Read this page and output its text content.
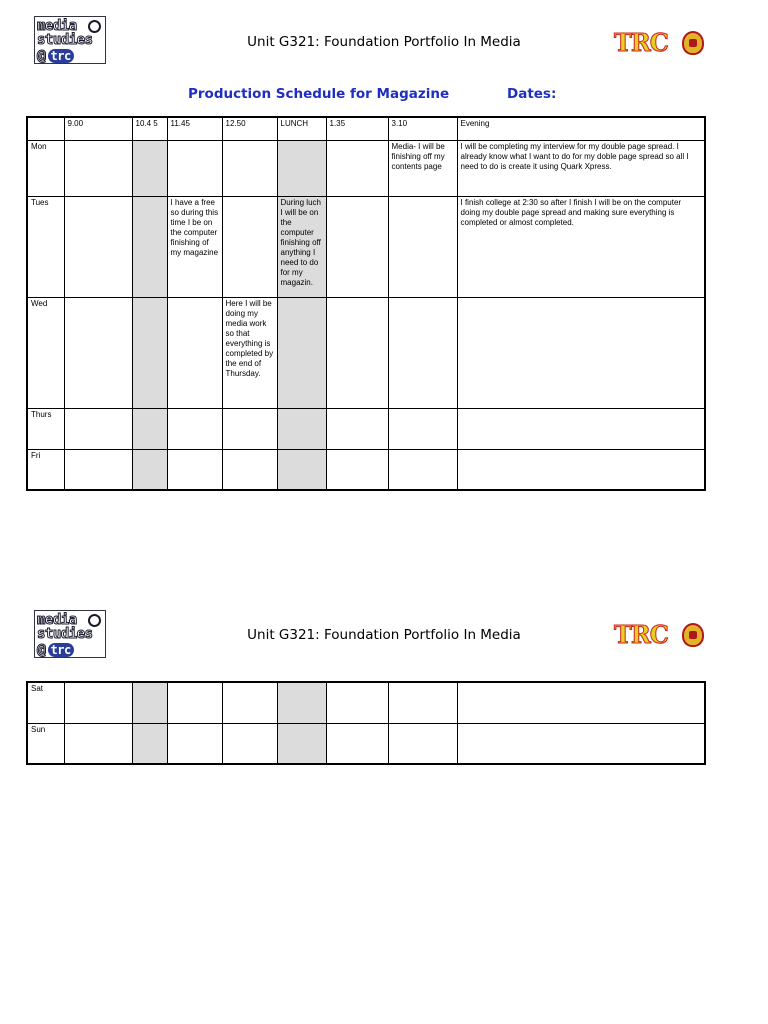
media
studies
@ trc
Unit G321: Foundation Portfolio In Media	TRC
Production Schedule for Magazine	Dates:
	9.00	10.4 5	11.45	12.50	LUNCH	1.35	3.10	Evening
Mon							Media- I will be finishing off my contents page	I will be completing my interview for my double page spread. I already know what I want to do for my doble page spread so all I need to do is create it using Quark Xpress.
Tues			I have a free so during this time I be on the computer finishing of my magazine		During luch I will be on the computer finishing off anything I need to do for my magazin.			I finish college at 2:30 so after I finish I will be on the computer doing my double page spread and making sure everything is completed or almost completed.
Wed				Here I will be doing my media work so that everything is completed by the end of Thursday.				
Thurs								
Fri								
media
studies
@ trc
Unit G321: Foundation Portfolio In Media	TRC
Sat								
Sun								
